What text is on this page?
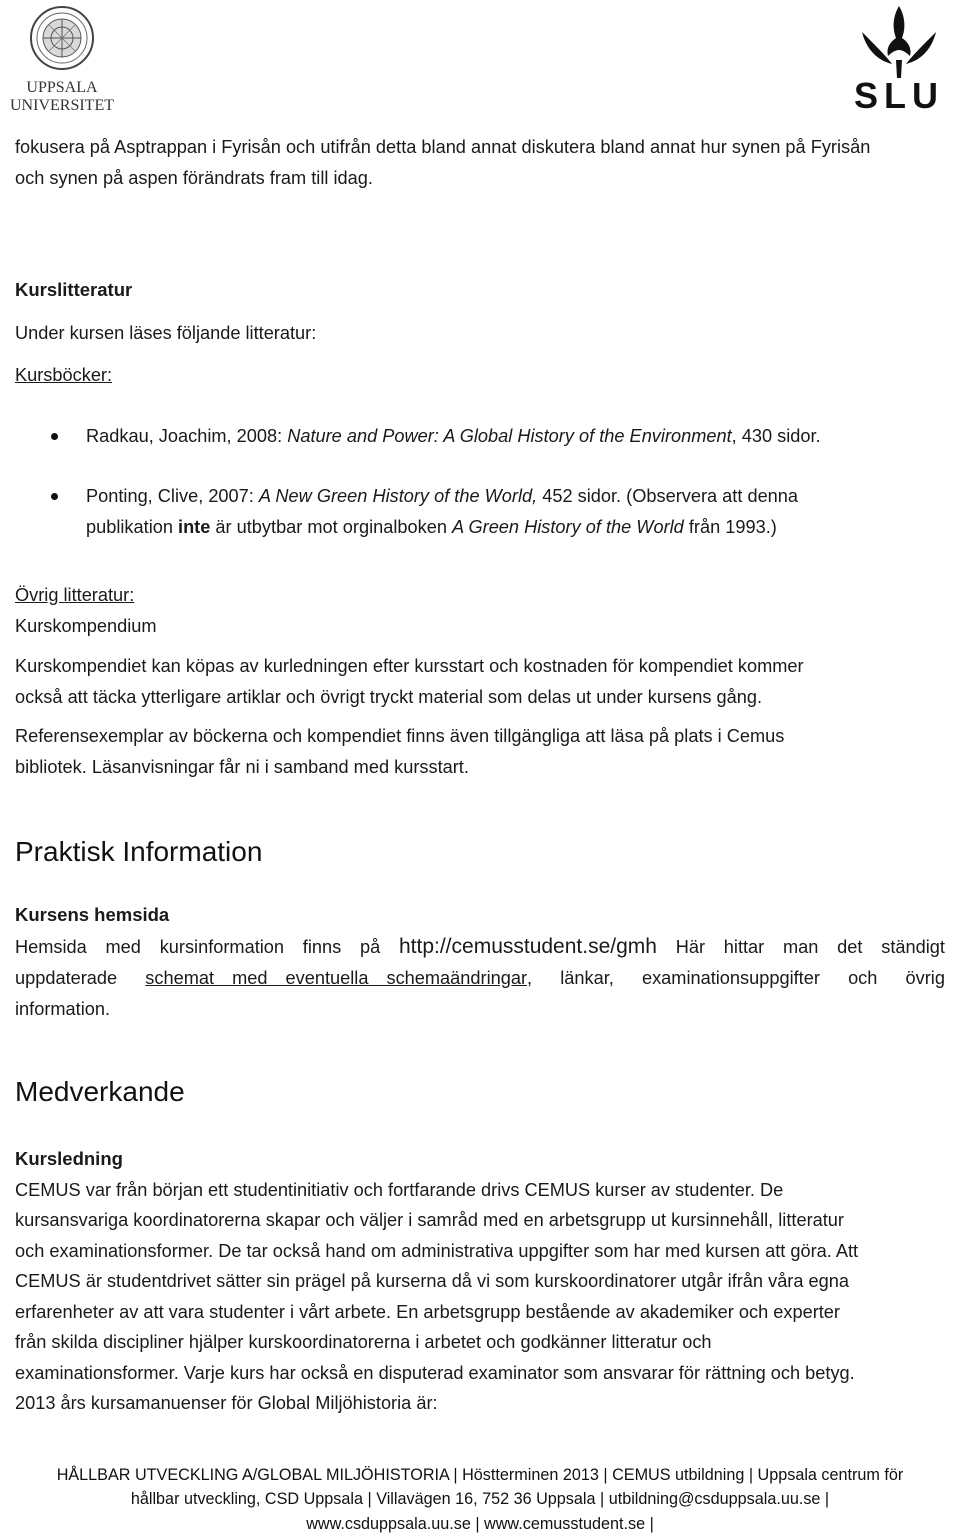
UPPSALA
UNIVERSITET	SLU

fokusera på Asptrappan i Fyrisån och utifrån detta bland annat diskutera bland annat hur synen på Fyrisån

och synen på aspen förändrats fram till idag.

Kurslitteratur

Under kursen läses följande litteratur:

Kursböcker:

Radkau, Joachim, 2008: Nature and Power: A Global History of the Environment, 430 sidor.
Ponting, Clive, 2007: A New Green History of the World, 452 sidor. (Observera att denna
publikation inte är utbytbar mot orginalboken A Green History of the World från 1993.)

Övrig litteratur:

Kurskompendium

Kurskompendiet kan köpas av kurledningen efter kursstart och kostnaden för kompendiet kommer

också att täcka ytterligare artiklar och övrigt tryckt material som delas ut under kursens gång.

Referensexemplar av böckerna och kompendiet finns även tillgängliga att läsa på plats i Cemus

bibliotek. Läsanvisningar får ni i samband med kursstart.

Praktisk Information

Kursens hemsida

Hemsida med kursinformation finns på http://cemusstudent.se/gmh Här hittar man det ständigt
uppdaterade schemat med eventuella schemaändringar , länkar, examinationsuppgifter och övrig

information.

Medverkande

Kursledning

CEMUS var från början ett studentinitiativ och fortfarande drivs CEMUS kurser av studenter. De

kursansvariga koordinatorerna skapar och väljer i samråd med en arbetsgrupp ut kursinnehåll, litteratur

och examinationsformer. De tar också hand om administrativa uppgifter som har med kursen att göra. Att

CEMUS är studentdrivet sätter sin prägel på kurserna då vi som kurskoordinatorer utgår ifrån våra egna

erfarenheter av att vara studenter i vårt arbete. En arbetsgrupp bestående av akademiker och experter

från skilda discipliner hjälper kurskoordinatorerna i arbetet och godkänner litteratur och

examinationsformer. Varje kurs har också en disputerad examinator som ansvarar för rättning och betyg.

2013 års kursamanuenser för Global Miljöhistoria är:

HÅLLBAR UTVECKLING A/GLOBAL MILJÖHISTORIA | Höstterminen 2013 | CEMUS utbildning | Uppsala centrum för
hållbar utveckling, CSD Uppsala | Villavägen 16, 752 36 Uppsala | utbildning@csduppsala.uu.se |
www.csduppsala.uu.se | www.cemusstudent.se |
